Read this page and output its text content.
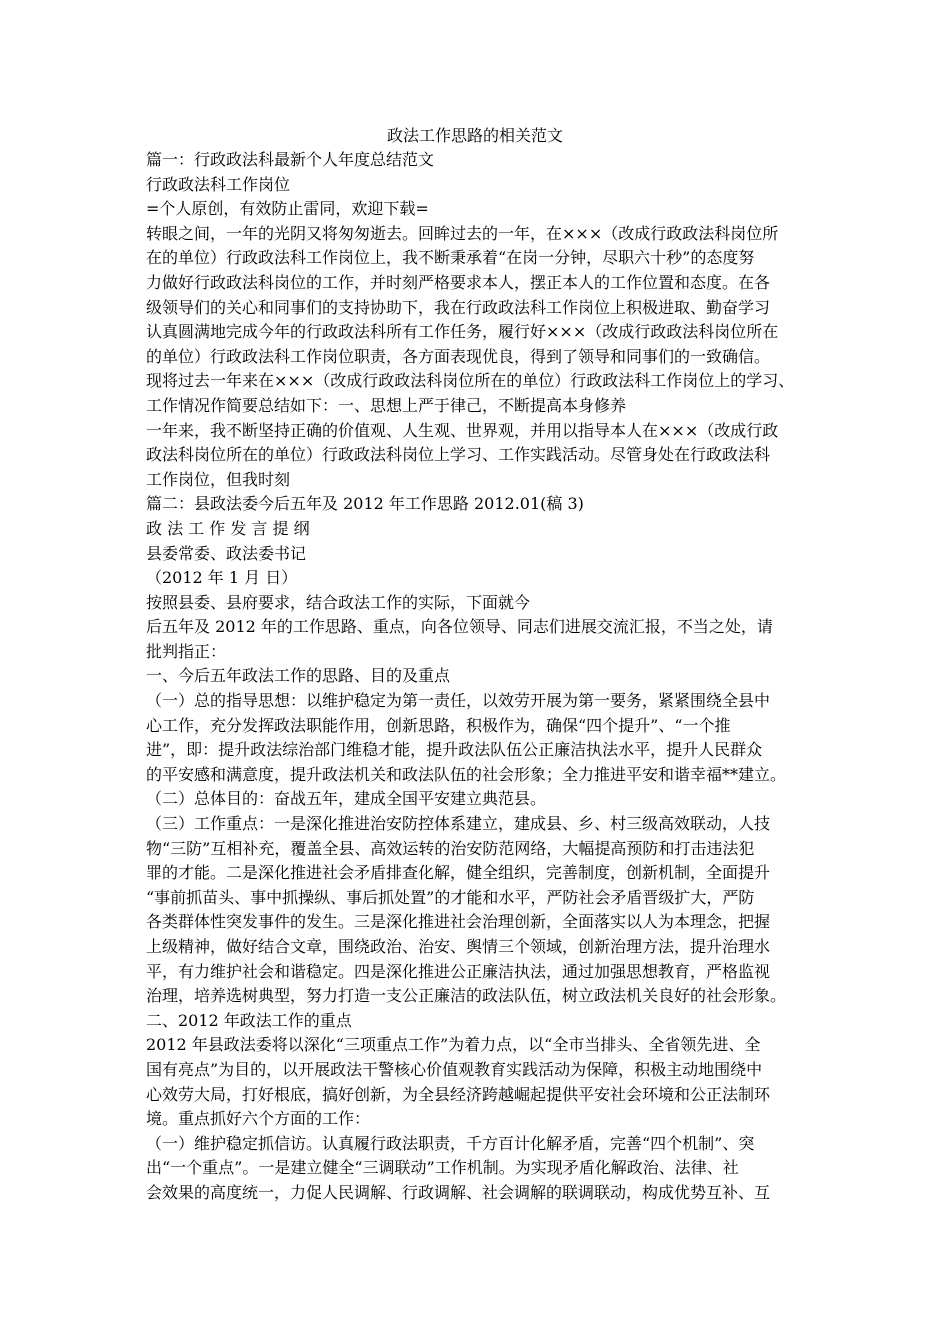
政法工作思路的相关范文
篇一：行政政法科最新个人年度总结范文
行政政法科工作岗位
=个人原创，有效防止雷同，欢迎下载=
转眼之间，一年的光阴又将匆匆逝去。回眸过去的一年，在×××（改成行政政法科岗位所
在的单位）行政政法科工作岗位上，我不断秉承着“在岗一分钟，尽职六十秒”的态度努
力做好行政政法科岗位的工作，并时刻严格要求本人，摆正本人的工作位置和态度。在各
级领导们的关心和同事们的支持协助下，我在行政政法科工作岗位上积极进取、勤奋学习
认真圆满地完成今年的行政政法科所有工作任务，履行好×××（改成行政政法科岗位所在
的单位）行政政法科工作岗位职责，各方面表现优良，得到了领导和同事们的一致确信。
现将过去一年来在×××（改成行政政法科岗位所在的单位）行政政法科工作岗位上的学习、
工作情况作简要总结如下：一、思想上严于律己，不断提高本身修养
一年来，我不断坚持正确的价值观、人生观、世界观，并用以指导本人在×××（改成行政
政法科岗位所在的单位）行政政法科岗位上学习、工作实践活动。尽管身处在行政政法科
工作岗位，但我时刻
篇二：县政法委今后五年及 2012 年工作思路 2012.01(稿 3)
政 法 工 作 发 言 提 纲
县委常委、政法委书记
（2012 年 1 月 日）
按照县委、县府要求，结合政法工作的实际，下面就今
后五年及 2012 年的工作思路、重点，向各位领导、同志们进展交流汇报，不当之处，请
批判指正：
一、今后五年政法工作的思路、目的及重点
（一）总的指导思想：以维护稳定为第一责任，以效劳开展为第一要务，紧紧围绕全县中
心工作，充分发挥政法职能作用，创新思路，积极作为，确保“四个提升”、“一个推
进”，即：提升政法综治部门维稳才能，提升政法队伍公正廉洁执法水平，提升人民群众
的平安感和满意度，提升政法机关和政法队伍的社会形象；全力推进平安和谐幸福**建立。
（二）总体目的：奋战五年，建成全国平安建立典范县。
（三）工作重点：一是深化推进治安防控体系建立，建成县、乡、村三级高效联动，人技
物“三防”互相补充，覆盖全县、高效运转的治安防范网络，大幅提高预防和打击违法犯
罪的才能。二是深化推进社会矛盾排查化解，健全组织，完善制度，创新机制，全面提升
“事前抓苗头、事中抓操纵、事后抓处置”的才能和水平，严防社会矛盾晋级扩大，严防
各类群体性突发事件的发生。三是深化推进社会治理创新，全面落实以人为本理念，把握
上级精神，做好结合文章，围绕政治、治安、舆情三个领域，创新治理方法，提升治理水
平，有力维护社会和谐稳定。四是深化推进公正廉洁执法，通过加强思想教育，严格监视
治理，培养选树典型，努力打造一支公正廉洁的政法队伍，树立政法机关良好的社会形象。
二、2012 年政法工作的重点
2012 年县政法委将以深化“三项重点工作”为着力点，以“全市当排头、全省领先进、全
国有亮点”为目的，以开展政法干警核心价值观教育实践活动为保障，积极主动地围绕中
心效劳大局，打好根底，搞好创新，为全县经济跨越崛起提供平安社会环境和公正法制环
境。重点抓好六个方面的工作：
（一）维护稳定抓信访。认真履行政法职责，千方百计化解矛盾，完善“四个机制”、突
出“一个重点”。一是建立健全“三调联动”工作机制。为实现矛盾化解政治、法律、社
会效果的高度统一，力促人民调解、行政调解、社会调解的联调联动，构成优势互补、互
